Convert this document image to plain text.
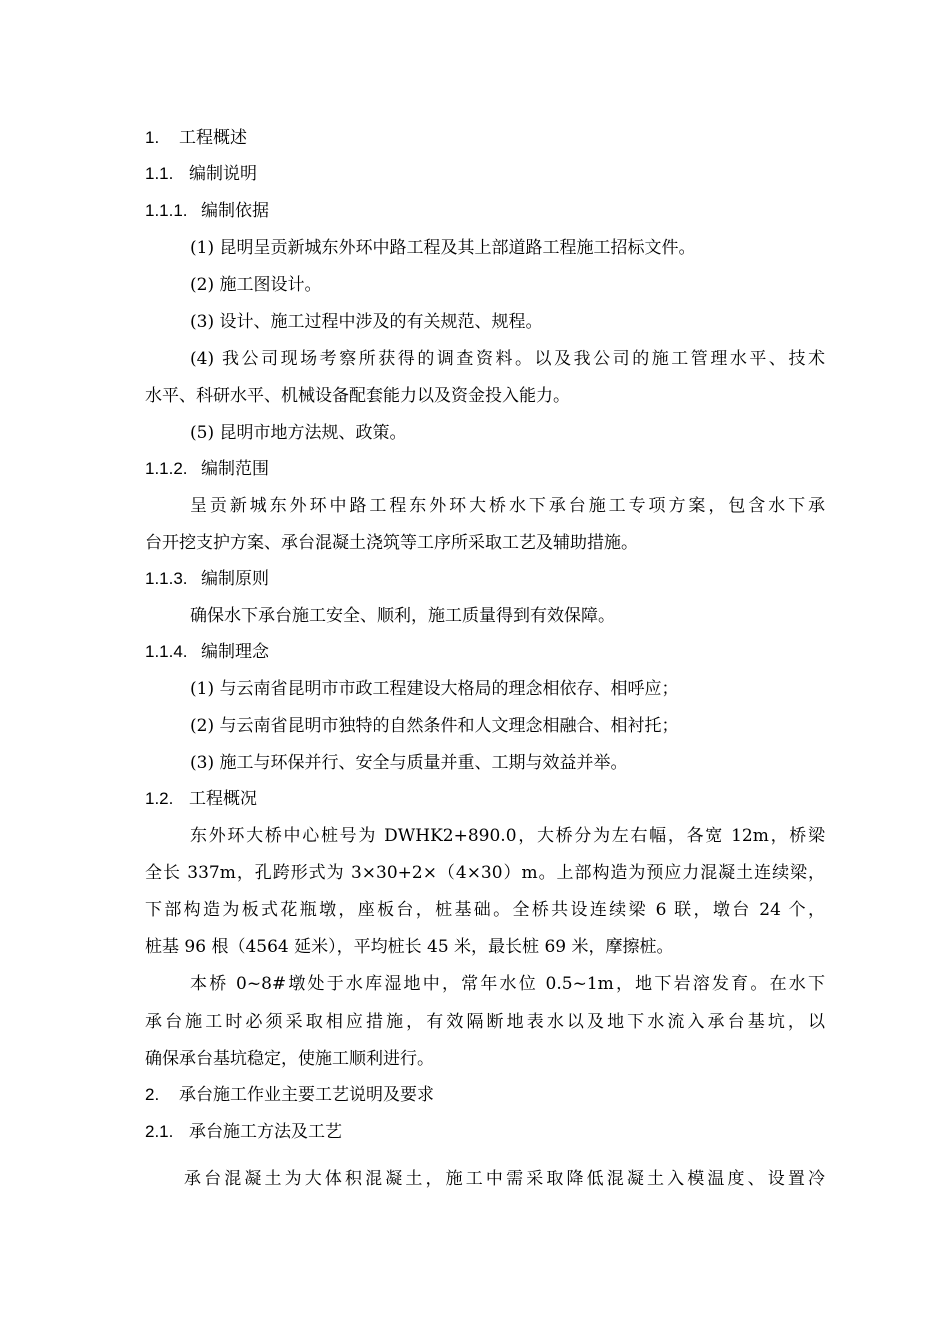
1. 工程概述
1.1. 编制说明
1.1.1. 编制依据
(1) 昆明呈贡新城东外环中路工程及其上部道路工程施工招标文件。
(2) 施工图设计。
(3) 设计、施工过程中涉及的有关规范、规程。
(4) 我公司现场考察所获得的调查资料。以及我公司的施工管理水平、技术
水平、科研水平、机械设备配套能力以及资金投入能力。
(5) 昆明市地方法规、政策。
1.1.2. 编制范围
呈贡新城东外环中路工程东外环大桥水下承台施工专项方案，包含水下承
台开挖支护方案、承台混凝土浇筑等工序所采取工艺及辅助措施。
1.1.3. 编制原则
确保水下承台施工安全、顺利，施工质量得到有效保障。
1.1.4. 编制理念
(1) 与云南省昆明市市政工程建设大格局的理念相依存、相呼应；
(2) 与云南省昆明市独特的自然条件和人文理念相融合、相衬托；
(3) 施工与环保并行、安全与质量并重、工期与效益并举。
1.2. 工程概况
东外环大桥中心桩号为 DWHK2+890.0，大桥分为左右幅，各宽 12m，桥梁
全长 337m，孔跨形式为 3×30+2×（4×30）m。上部构造为预应力混凝土连续梁，
下部构造为板式花瓶墩，座板台，桩基础。全桥共设连续梁 6 联，墩台 24 个，
桩基 96 根（4564 延米），平均桩长 45 米，最长桩 69 米，摩擦桩。
本桥 0~8#墩处于水库湿地中，常年水位 0.5~1m，地下岩溶发育。在水下
承台施工时必须采取相应措施，有效隔断地表水以及地下水流入承台基坑，以
确保承台基坑稳定，使施工顺利进行。
2. 承台施工作业主要工艺说明及要求
2.1. 承台施工方法及工艺
承台混凝土为大体积混凝土，施工中需采取降低混凝土入模温度、设置冷
